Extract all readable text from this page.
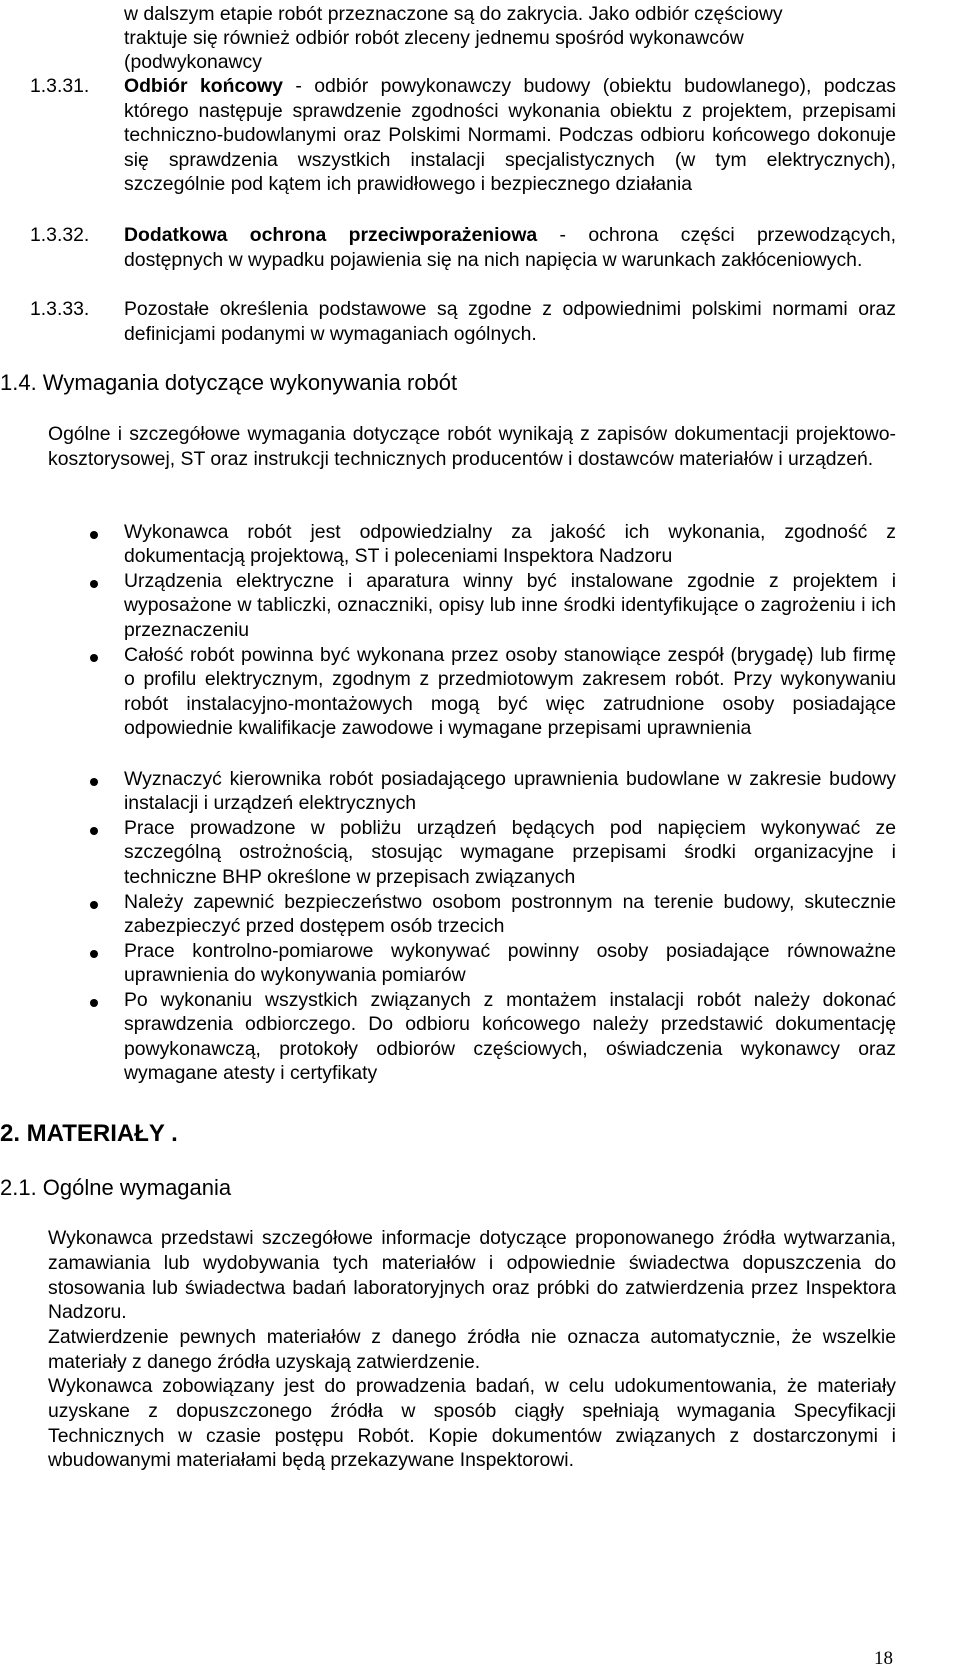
w dalszym etapie robót przeznaczone są do zakrycia. Jako odbiór częściowy
traktuje się również odbiór robót zleceny jednemu spośród wykonawców
(podwykonawcy
1.3.31. Odbiór końcowy - odbiór powykonawczy budowy (obiektu budowlanego), podczas którego następuje sprawdzenie zgodności wykonania obiektu z projektem, przepisami techniczno-budowlanymi oraz Polskimi Normami. Podczas odbioru końcowego dokonuje się sprawdzenia wszystkich instalacji specjalistycznych (w tym elektrycznych), szczególnie pod kątem ich prawidłowego i bezpiecznego działania
1.3.32. Dodatkowa ochrona przeciwporażeniowa - ochrona części przewodzących, dostępnych w wypadku pojawienia się na nich napięcia w warunkach zakłóceniowych.
1.3.33. Pozostałe określenia podstawowe są zgodne z odpowiednimi polskimi normami oraz definicjami podanymi w wymaganiach ogólnych.
1.4. Wymagania dotyczące wykonywania robót
Ogólne i szczegółowe wymagania dotyczące robót wynikają z zapisów dokumentacji projektowo-kosztorysowej, ST oraz instrukcji technicznych producentów i dostawców materiałów i urządzeń.
Wykonawca robót jest odpowiedzialny za jakość ich wykonania, zgodność z dokumentacją projektową, ST i poleceniami Inspektora Nadzoru
Urządzenia elektryczne i aparatura winny być instalowane zgodnie z projektem i wyposażone w tabliczki, oznaczniki, opisy lub inne środki identyfikujące o zagrożeniu i ich przeznaczeniu
Całość robót powinna być wykonana przez osoby stanowiące zespół (brygadę) lub firmę o profilu elektrycznym, zgodnym z przedmiotowym zakresem robót. Przy wykonywaniu robót instalacyjno-montażowych mogą być więc zatrudnione osoby posiadające odpowiednie kwalifikacje zawodowe i wymagane przepisami uprawnienia
Wyznaczyć kierownika robót posiadającego uprawnienia budowlane w zakresie budowy instalacji i urządzeń elektrycznych
Prace prowadzone w pobliżu urządzeń będących pod napięciem wykonywać ze szczególną ostrożnością, stosując wymagane przepisami środki organizacyjne i techniczne BHP określone w przepisach związanych
Należy zapewnić bezpieczeństwo osobom postronnym na terenie budowy, skutecznie zabezpieczyć przed dostępem osób trzecich
Prace kontrolno-pomiarowe wykonywać powinny osoby posiadające równoważne uprawnienia do wykonywania pomiarów
Po wykonaniu wszystkich związanych z montażem instalacji robót należy dokonać sprawdzenia odbiorczego. Do odbioru końcowego należy przedstawić dokumentację powykonawczą, protokoły odbiorów częściowych, oświadczenia wykonawcy oraz wymagane atesty i certyfikaty
2. MATERIAŁY .
2.1. Ogólne wymagania
Wykonawca przedstawi szczegółowe informacje dotyczące proponowanego źródła wytwarzania, zamawiania lub wydobywania tych materiałów i odpowiednie świadectwa dopuszczenia do stosowania lub świadectwa badań laboratoryjnych oraz próbki do zatwierdzenia przez Inspektora Nadzoru.
Zatwierdzenie pewnych materiałów z danego źródła nie oznacza automatycznie, że wszelkie materiały z danego źródła uzyskają zatwierdzenie.
Wykonawca zobowiązany jest do prowadzenia badań, w celu udokumentowania, że materiały uzyskane z dopuszczonego źródła w sposób ciągły spełniają wymagania Specyfikacji Technicznych w czasie postępu Robót. Kopie dokumentów związanych z dostarczonymi i wbudowanymi materiałami będą przekazywane Inspektorowi.
18
